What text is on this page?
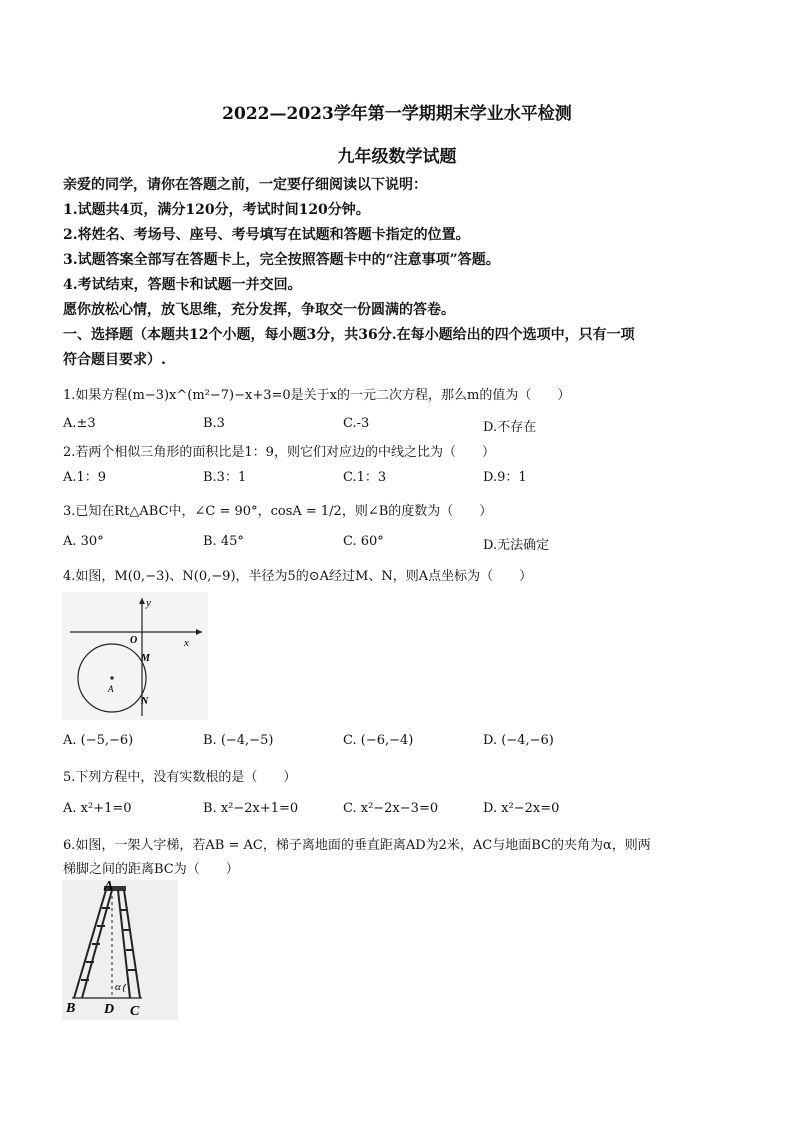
2022—2023学年第一学期期末学业水平检测
九年级数学试题
亲爱的同学，请你在答题之前，一定要仔细阅读以下说明：
1.试题共4页，满分120分，考试时间120分钟。
2.将姓名、考场号、座号、考号填写在试题和答题卡指定的位置。
3.试题答案全部写在答题卡上，完全按照答题卡中的“注意事项”答题。
4.考试结束，答题卡和试题一并交回。
愿你放松心情，放飞思维，充分发挥，争取交一份圆满的答卷。
一、选择题（本题共12个小题，每小题3分，共36分.在每小题给出的四个选项中，只有一项
符合题目要求）.
1.如果方程(m−3)x^(m²−7)−x+3=0是关于x的一元二次方程，那么m的值为（　　）
A.±3	B.3	C.-3	D.不存在
2.若两个相似三角形的面积比是1：9，则它们对应边的中线之比为（　　）
A.1：9	B.3：1	C.1：3	D.9：1
3.已知在Rt△ABC中，∠C = 90°，cosA = 1/2，则∠B的度数为（　　）
A. 30°	B. 45°	C. 60°	D.无法确定
4.如图，M(0,−3)、N(0,−9)，半径为5的⊙A经过M、N，则A点坐标为（　　）
y
x
O
M
N
A
A. (−5,−6)	B. (−4,−5)	C. (−6,−4)	D. (−4,−6)
5.下列方程中，没有实数根的是（　　）
A. x²+1=0	B. x²−2x+1=0	C. x²−2x−3=0	D. x²−2x=0
6.如图，一架人字梯，若AB = AC，梯子离地面的垂直距离AD为2米，AC与地面BC的夹角为α，则两
梯脚之间的距离BC为（　　）
A
B D C
α
